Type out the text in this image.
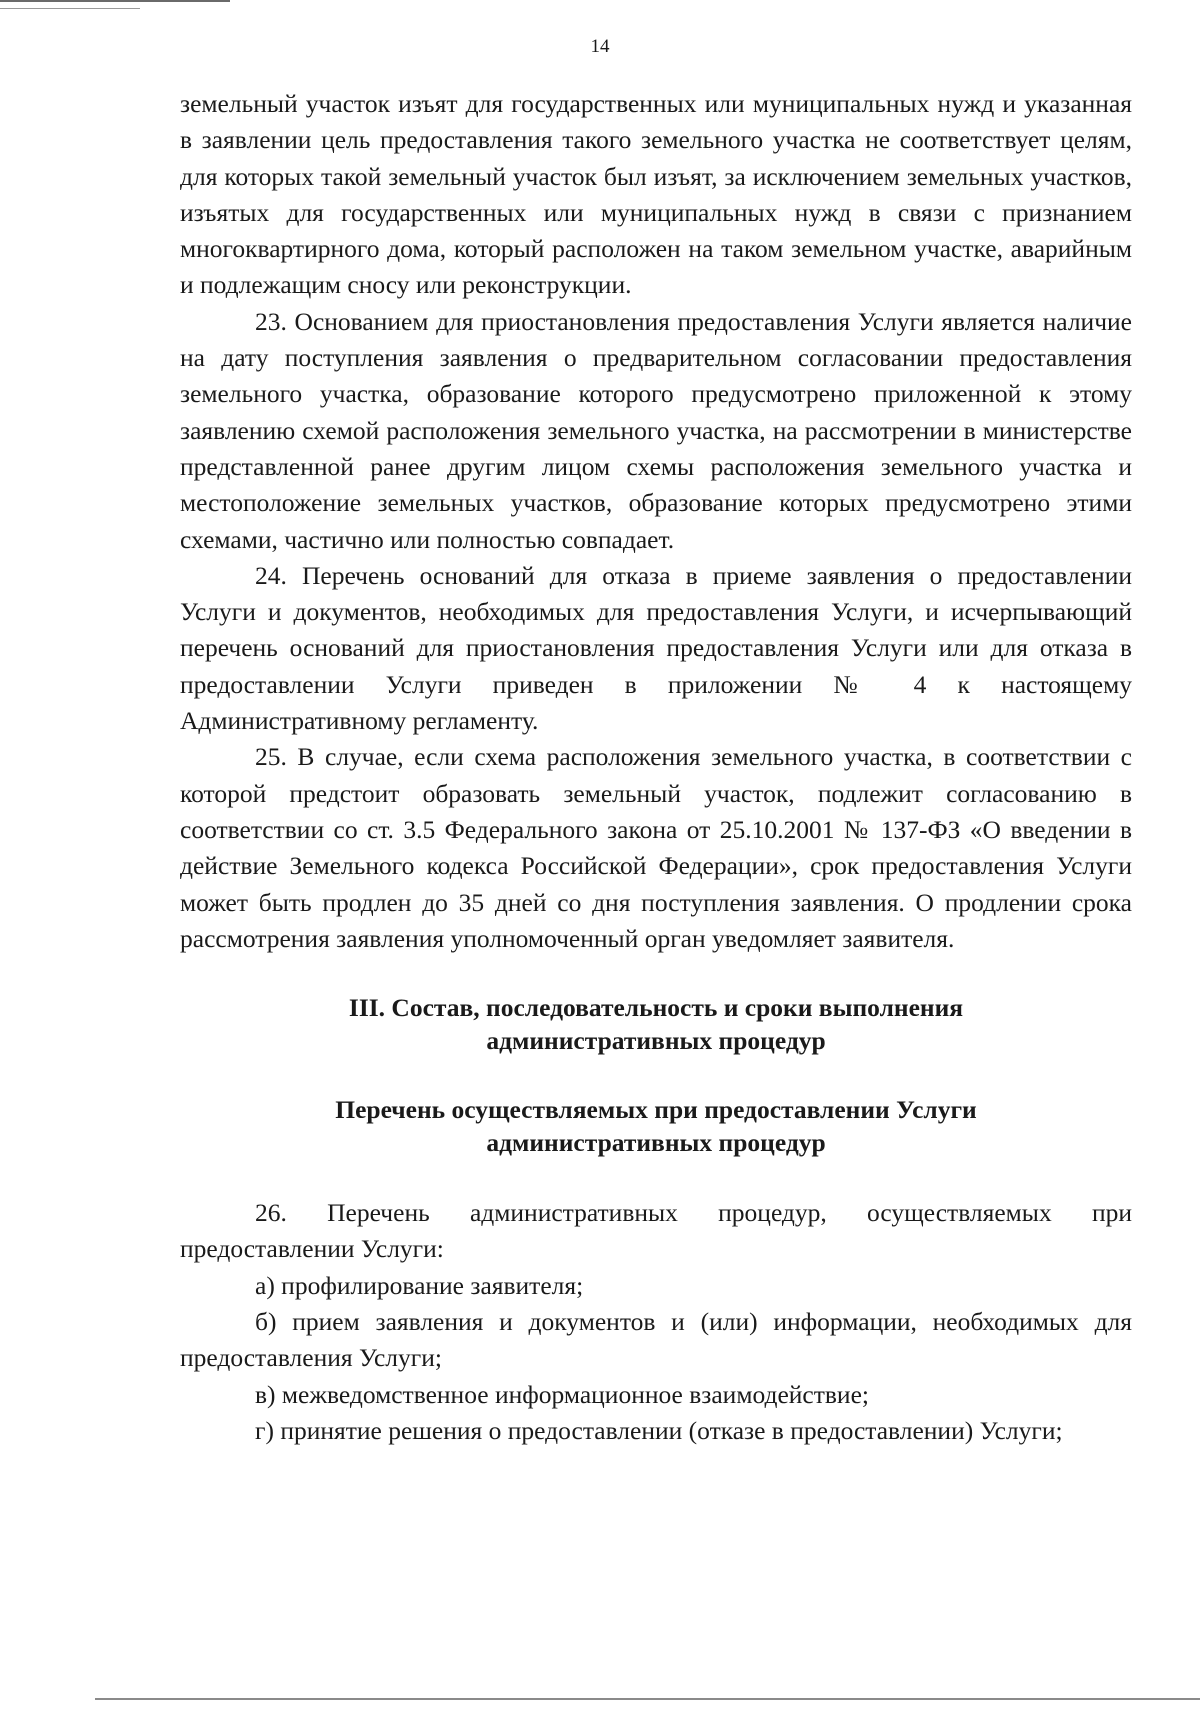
14

земельный участок изъят для государственных или муниципальных нужд и указанная в заявлении цель предоставления такого земельного участка не соответствует целям, для которых такой земельный участок был изъят, за исключением земельных участков, изъятых для государственных или муниципальных нужд в связи с признанием многоквартирного дома, который расположен на таком земельном участке, аварийным и подлежащим сносу или реконструкции.

23. Основанием для приостановления предоставления Услуги является наличие на дату поступления заявления о предварительном согласовании предоставления земельного участка, образование которого предусмотрено приложенной к этому заявлению схемой расположения земельного участка, на рассмотрении в министерстве представленной ранее другим лицом схемы расположения земельного участка и местоположение земельных участков, образование которых предусмотрено этими схемами, частично или полностью совпадает.

24. Перечень оснований для отказа в приеме заявления о предоставлении Услуги и документов, необходимых для предоставления Услуги, и исчерпывающий перечень оснований для приостановления предоставления Услуги или для отказа в предоставлении Услуги приведен в приложении № 4 к настоящему Административному регламенту.

25. В случае, если схема расположения земельного участка, в соответствии с которой предстоит образовать земельный участок, подлежит согласованию в соответствии со ст. 3.5 Федерального закона от 25.10.2001 № 137-ФЗ «О введении в действие Земельного кодекса Российской Федерации», срок предоставления Услуги может быть продлен до 35 дней со дня поступления заявления. О продлении срока рассмотрения заявления уполномоченный орган уведомляет заявителя.

III. Состав, последовательность и сроки выполнения
административных процедур
Перечень осуществляемых при предоставлении Услуги
административных процедур

26. Перечень административных процедур, осуществляемых при предоставлении Услуги:

а) профилирование заявителя;

б) прием заявления и документов и (или) информации, необходимых для предоставления Услуги;

в) межведомственное информационное взаимодействие;

г) принятие решения о предоставлении (отказе в предоставлении) Услуги;
